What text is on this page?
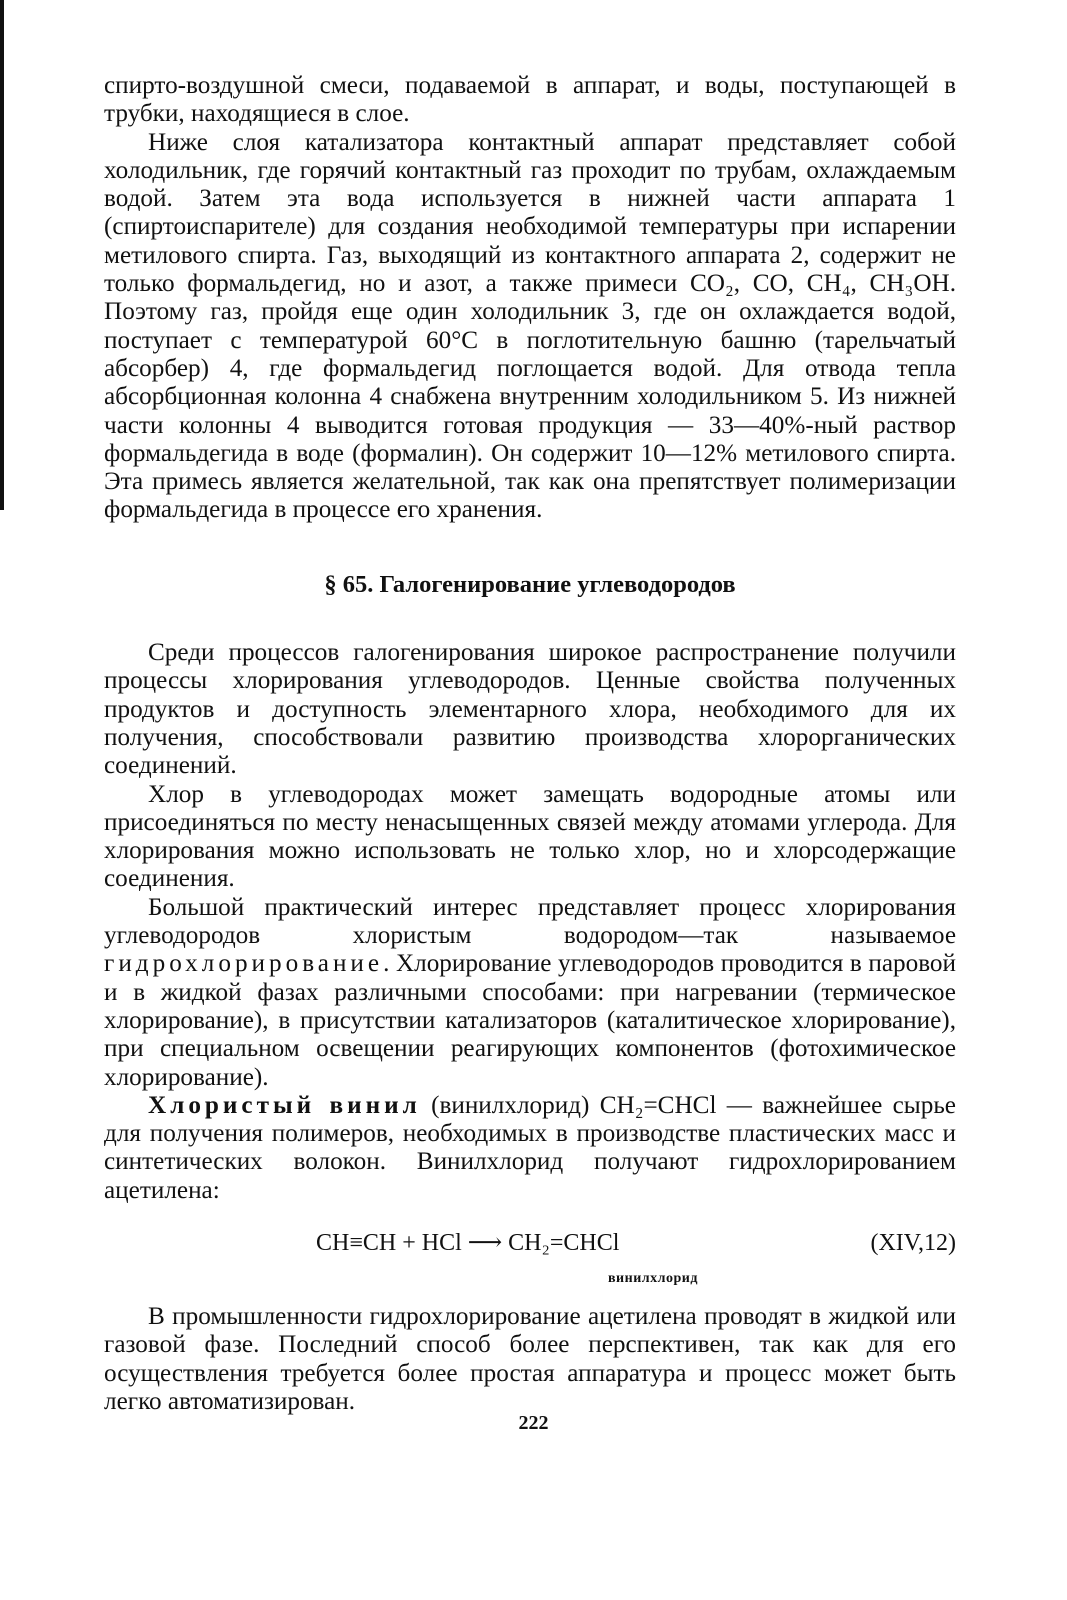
спирто-воздушной смеси, подаваемой в аппарат, и воды, поступающей в трубки, находящиеся в слое.

Ниже слоя катализатора контактный аппарат представляет собой холодильник, где горячий контактный газ проходит по трубам, охлаждаемым водой. Затем эта вода используется в нижней части аппарата 1 (спиртоиспарителе) для создания необходимой температуры при испарении метилового спирта. Газ, выходящий из контактного аппарата 2, содержит не только формальдегид, но и азот, а также примеси CO₂, CO, CH₄, CH₃OH. Поэтому газ, пройдя еще один холодильник 3, где он охлаждается водой, поступает с температурой 60°С в поглотительную башню (тарельчатый абсорбер) 4, где формальдегид поглощается водой. Для отвода тепла абсорбционная колонна 4 снабжена внутренним холодильником 5. Из нижней части колонны 4 выводится готовая продукция — 33—40%-ный раствор формальдегида в воде (формалин). Он содержит 10—12% метилового спирта. Эта примесь является желательной, так как она препятствует полимеризации формальдегида в процессе его хранения.

§ 65. Галогенирование углеводородов

Среди процессов галогенирования широкое распространение получили процессы хлорирования углеводородов. Ценные свойства полученных продуктов и доступность элементарного хлора, необходимого для их получения, способствовали развитию производства хлорорганических соединений.

Хлор в углеводородах может замещать водородные атомы или присоединяться по месту ненасыщенных связей между атомами углерода. Для хлорирования можно использовать не только хлор, но и хлорсодержащие соединения.

Большой практический интерес представляет процесс хлорирования углеводородов хлористым водородом—так называемое гидрохлорирование. Хлорирование углеводородов проводится в паровой и в жидкой фазах различными способами: при нагревании (термическое хлорирование), в присутствии катализаторов (каталитическое хлорирование), при специальном освещении реагирующих компонентов (фотохимическое хлорирование).

Хлористый винил (винилхлорид) CH₂=CHCl — важнейшее сырье для получения полимеров, необходимых в производстве пластических масс и синтетических волокон. Винилхлорид получают гидрохлорированием ацетилена:

CH≡CH + HCl ⟶ CH₂=CHCl	(XIV,12)
винилхлорид

В промышленности гидрохлорирование ацетилена проводят в жидкой или газовой фазе. Последний способ более перспективен, так как для его осуществления требуется более простая аппаратура и процесс может быть легко автоматизирован.

222
